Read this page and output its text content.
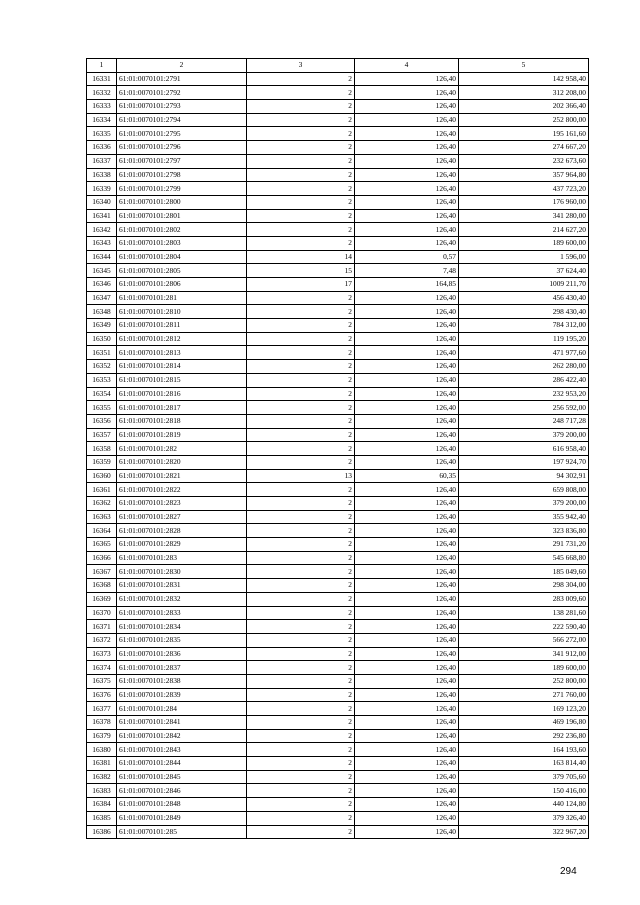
1	2	3	4	5
16331	61:01:0070101:2791	2	126,40	142 958,40
16332	61:01:0070101:2792	2	126,40	312 208,00
16333	61:01:0070101:2793	2	126,40	202 366,40
16334	61:01:0070101:2794	2	126,40	252 800,00
16335	61:01:0070101:2795	2	126,40	195 161,60
16336	61:01:0070101:2796	2	126,40	274 667,20
16337	61:01:0070101:2797	2	126,40	232 673,60
16338	61:01:0070101:2798	2	126,40	357 964,80
16339	61:01:0070101:2799	2	126,40	437 723,20
16340	61:01:0070101:2800	2	126,40	176 960,00
16341	61:01:0070101:2801	2	126,40	341 280,00
16342	61:01:0070101:2802	2	126,40	214 627,20
16343	61:01:0070101:2803	2	126,40	189 600,00
16344	61:01:0070101:2804	14	0,57	1 596,00
16345	61:01:0070101:2805	15	7,48	37 624,40
16346	61:01:0070101:2806	17	164,85	1009 211,70
16347	61:01:0070101:281	2	126,40	456 430,40
16348	61:01:0070101:2810	2	126,40	298 430,40
16349	61:01:0070101:2811	2	126,40	784 312,00
16350	61:01:0070101:2812	2	126,40	119 195,20
16351	61:01:0070101:2813	2	126,40	471 977,60
16352	61:01:0070101:2814	2	126,40	262 280,00
16353	61:01:0070101:2815	2	126,40	286 422,40
16354	61:01:0070101:2816	2	126,40	232 953,20
16355	61:01:0070101:2817	2	126,40	256 592,00
16356	61:01:0070101:2818	2	126,40	248 717,28
16357	61:01:0070101:2819	2	126,40	379 200,00
16358	61:01:0070101:282	2	126,40	616 958,40
16359	61:01:0070101:2820	2	126,40	197 924,70
16360	61:01:0070101:2821	13	60,35	94 302,91
16361	61:01:0070101:2822	2	126,40	659 808,00
16362	61:01:0070101:2823	2	126,40	379 200,00
16363	61:01:0070101:2827	2	126,40	355 942,40
16364	61:01:0070101:2828	2	126,40	323 836,80
16365	61:01:0070101:2829	2	126,40	291 731,20
16366	61:01:0070101:283	2	126,40	545 668,80
16367	61:01:0070101:2830	2	126,40	185 049,60
16368	61:01:0070101:2831	2	126,40	298 304,00
16369	61:01:0070101:2832	2	126,40	283 009,60
16370	61:01:0070101:2833	2	126,40	138 281,60
16371	61:01:0070101:2834	2	126,40	222 590,40
16372	61:01:0070101:2835	2	126,40	566 272,00
16373	61:01:0070101:2836	2	126,40	341 912,00
16374	61:01:0070101:2837	2	126,40	189 600,00
16375	61:01:0070101:2838	2	126,40	252 800,00
16376	61:01:0070101:2839	2	126,40	271 760,00
16377	61:01:0070101:284	2	126,40	169 123,20
16378	61:01:0070101:2841	2	126,40	469 196,80
16379	61:01:0070101:2842	2	126,40	292 236,80
16380	61:01:0070101:2843	2	126,40	164 193,60
16381	61:01:0070101:2844	2	126,40	163 814,40
16382	61:01:0070101:2845	2	126,40	379 705,60
16383	61:01:0070101:2846	2	126,40	150 416,00
16384	61:01:0070101:2848	2	126,40	440 124,80
16385	61:01:0070101:2849	2	126,40	379 326,40
16386	61:01:0070101:285	2	126,40	322 967,20
294
